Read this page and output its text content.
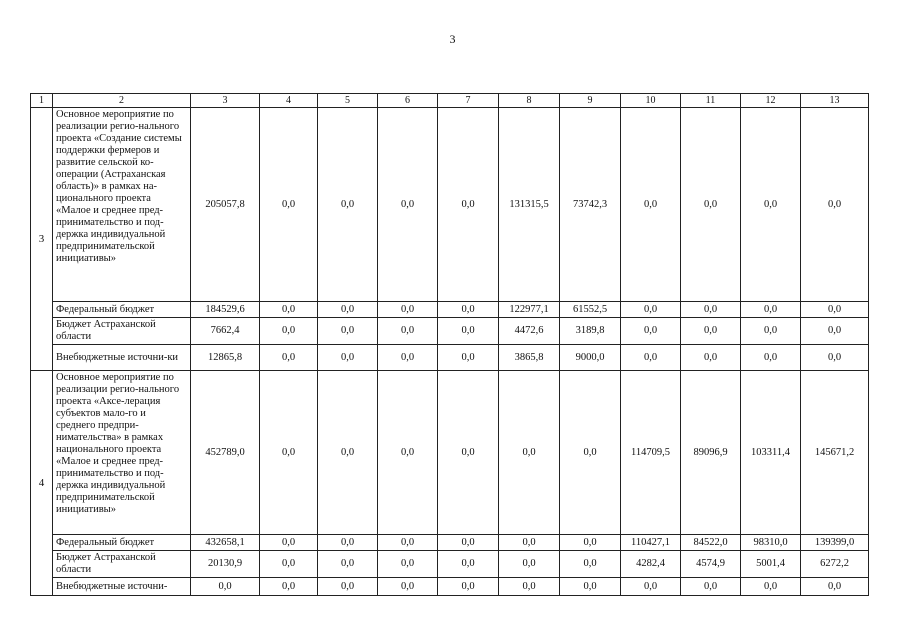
3
1	2	3	4	5	6	7	8	9	10	11	12	13
3	Основное мероприятие по реализации регио-нального проекта «Создание системы поддержки фермеров и развитие сельской ко-операции (Астраханская область)» в рамках на-ционального проекта «Малое и среднее пред-принимательство и под-держка индивидуальной предпринимательской инициативы»	205057,8	0,0	0,0	0,0	0,0	131315,5	73742,3	0,0	0,0	0,0	0,0
	Федеральный бюджет	184529,6	0,0	0,0	0,0	0,0	122977,1	61552,5	0,0	0,0	0,0	0,0
	Бюджет Астраханской области	7662,4	0,0	0,0	0,0	0,0	4472,6	3189,8	0,0	0,0	0,0	0,0
	Внебюджетные источни-ки	12865,8	0,0	0,0	0,0	0,0	3865,8	9000,0	0,0	0,0	0,0	0,0
4	Основное мероприятие по реализации регио-нального проекта «Аксе-лерация субъектов мало-го и среднего предпри-нимательства» в рамках национального проекта «Малое и среднее пред-принимательство и под-держка индивидуальной предпринимательской инициативы»	452789,0	0,0	0,0	0,0	0,0	0,0	0,0	114709,5	89096,9	103311,4	145671,2
	Федеральный бюджет	432658,1	0,0	0,0	0,0	0,0	0,0	0,0	110427,1	84522,0	98310,0	139399,0
	Бюджет Астраханской области	20130,9	0,0	0,0	0,0	0,0	0,0	0,0	4282,4	4574,9	5001,4	6272,2
	Внебюджетные источни-	0,0	0,0	0,0	0,0	0,0	0,0	0,0	0,0	0,0	0,0	0,0
